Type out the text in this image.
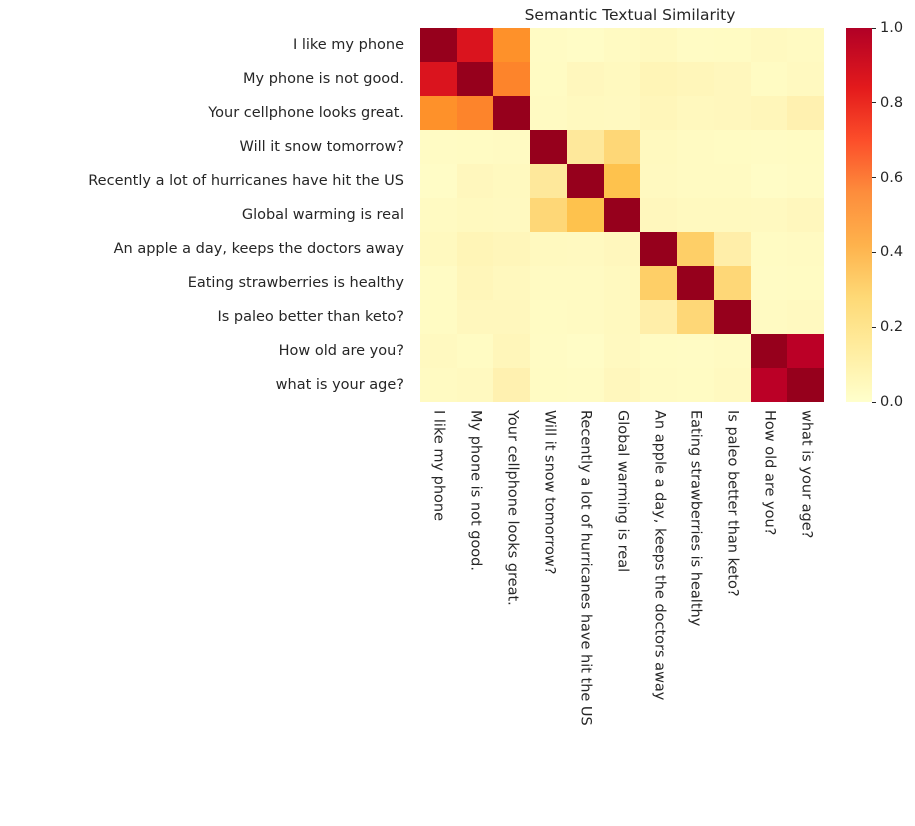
Semantic Textual Similarity
I like my phone
My phone is not good.
Your cellphone looks great.
Will it snow tomorrow?
Recently a lot of hurricanes have hit the US
Global warming is real
An apple a day, keeps the doctors away
Eating strawberries is healthy
Is paleo better than keto?
How old are you?
what is your age?
I like my phone My phone is not good. Your cellphone looks great. Will it snow tomorrow? Recently a lot of hurricanes have hit the US Global warming is real An apple a day, keeps the doctors away Eating strawberries is healthy Is paleo better than keto? How old are you? what is your age?
0.0
0.2
0.4
0.6
0.8
1.0
